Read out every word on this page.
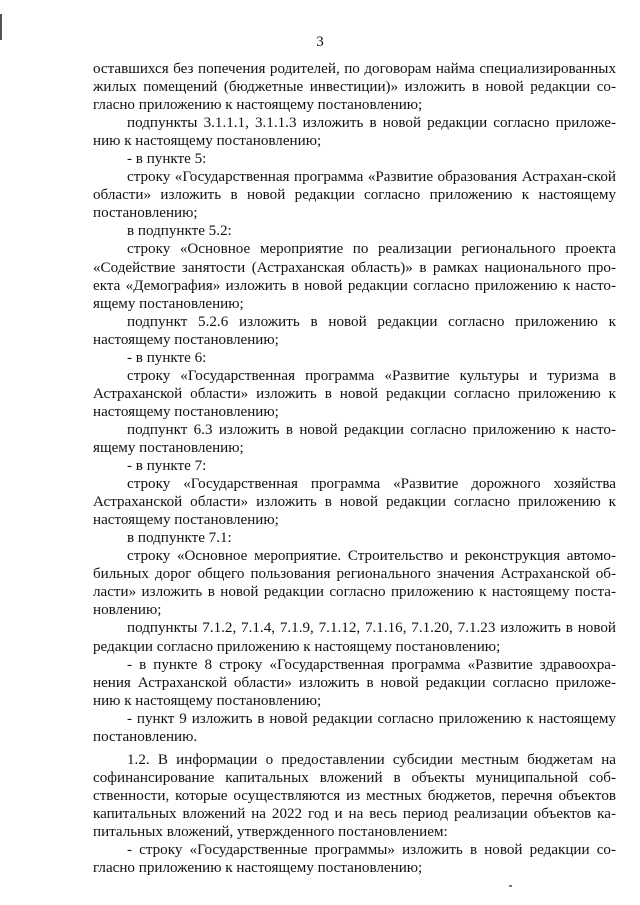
3

оставшихся без попечения родителей, по договорам найма специализированных жилых помещений (бюджетные инвестиции)» изложить в новой редакции со-гласно приложению к настоящему постановлению;

подпункты 3.1.1.1, 3.1.1.3 изложить в новой редакции согласно приложе-нию к настоящему постановлению;

- в пункте 5:

строку «Государственная программа «Развитие образования Астрахан-ской области» изложить в новой редакции согласно приложению к настоящему постановлению;

в подпункте 5.2:

строку «Основное мероприятие по реализации регионального проекта «Содействие занятости (Астраханская область)» в рамках национального про-екта «Демография» изложить в новой редакции согласно приложению к насто-ящему постановлению;

подпункт 5.2.6 изложить в новой редакции согласно приложению к настоящему постановлению;

- в пункте 6:

строку «Государственная программа «Развитие культуры и туризма в Астраханской области» изложить в новой редакции согласно приложению к настоящему постановлению;

подпункт 6.3 изложить в новой редакции согласно приложению к насто-ящему постановлению;

- в пункте 7:

строку «Государственная программа «Развитие дорожного хозяйства Астраханской области» изложить в новой редакции согласно приложению к настоящему постановлению;

в подпункте 7.1:

строку «Основное мероприятие. Строительство и реконструкция автомо-бильных дорог общего пользования регионального значения Астраханской об-ласти» изложить в новой редакции согласно приложению к настоящему поста-новлению;

подпункты 7.1.2, 7.1.4, 7.1.9, 7.1.12, 7.1.16, 7.1.20, 7.1.23 изложить в новой редакции согласно приложению к настоящему постановлению;

- в пункте 8 строку «Государственная программа «Развитие здравоохра-нения Астраханской области» изложить в новой редакции согласно приложе-нию к настоящему постановлению;

- пункт 9 изложить в новой редакции согласно приложению к настоящему постановлению.

1.2. В информации о предоставлении субсидии местным бюджетам на софинансирование капитальных вложений в объекты муниципальной соб-ственности, которые осуществляются из местных бюджетов, перечня объектов капитальных вложений на 2022 год и на весь период реализации объектов ка-питальных вложений, утвержденного постановлением:

- строку «Государственные программы» изложить в новой редакции со-гласно приложению к настоящему постановлению;
